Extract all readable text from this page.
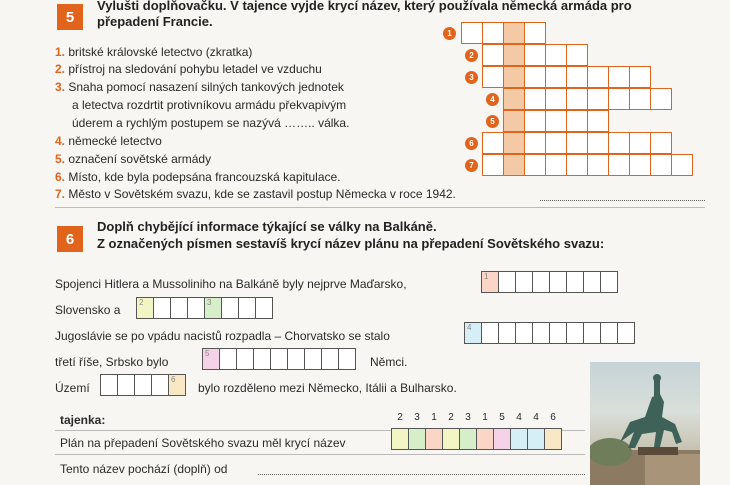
5
Vylušti doplňovačku. V tajence vyjde krycí název, který používala německá armáda pro
přepadení Francie.
1. britské královské letectvo (zkratka)
2. přístroj na sledování pohybu letadel ve vzduchu
3. Snaha pomocí nasazení silných tankových jednotek
a letectva rozdrtit protivníkovu armádu překvapivým
úderem a rychlým postupem se nazývá …….. válka.
4. německé letectvo
5. označení sovětské armády
6. Místo, kde byla podepsána francouzská kapitulace.
7. Město v Sovětském svazu, kde se zastavil postup Německa v roce 1942.
1
2
3
4
5
6
7
6
Doplň chybějící informace týkající se války na Balkáně.
Z označených písmen sestavíš krycí název plánu na přepadení Sovětského svazu:
Spojenci Hitlera a Mussoliniho na Balkáně byly nejprve Maďarsko,
1
Slovensko a
2	3
Jugoslávie se po vpádu nacistů rozpadla – Chorvatsko se stalo
4
třetí říše, Srbsko bylo
5
Němci.
Území
6
bylo rozděleno mezi Německo, Itálii a Bulharsko.
tajenka:	2	3	1	2	3	1	5	4	4	6
Plán na přepadení Sovětského svazu měl krycí název
Tento název pochází (doplň) od
